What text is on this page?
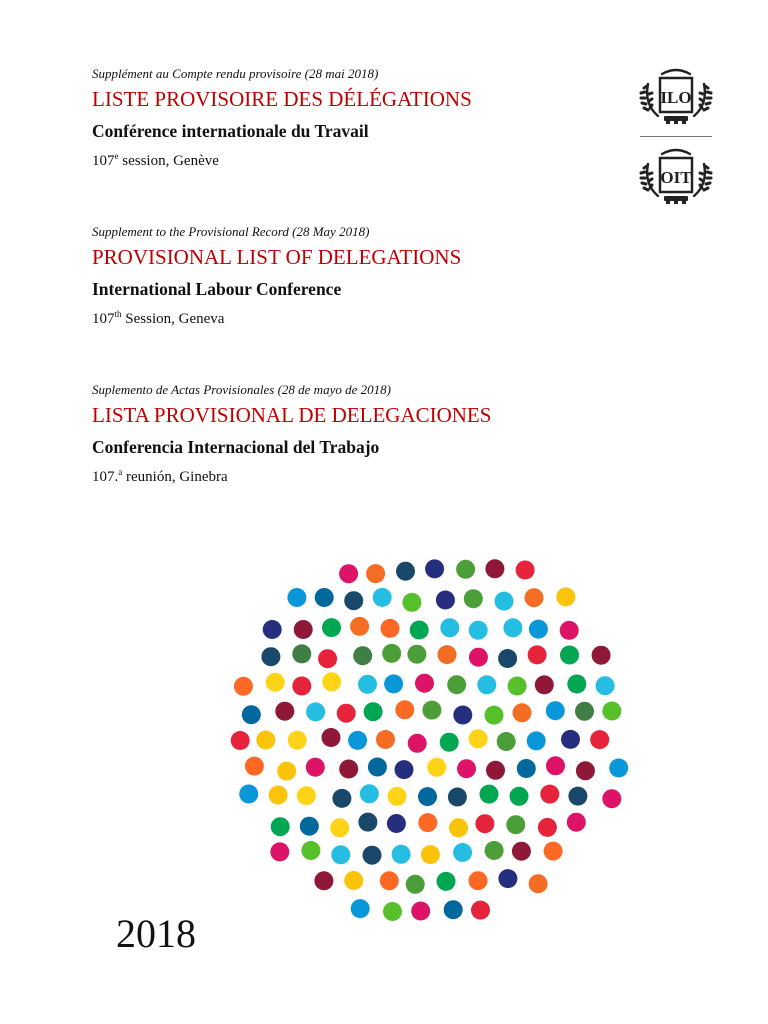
Supplément au Compte rendu provisoire (28 mai 2018)

LISTE PROVISOIRE DES DÉLÉGATIONS

Conférence internationale du Travail

107e session, Genève

Supplement to the Provisional Record (28 May 2018)

PROVISIONAL LIST OF DELEGATIONS

International Labour Conference

107th Session, Geneva

Suplemento de Actas Provisionales (28 de mayo de 2018)

LISTA PROVISIONAL DE DELEGACIONES

Conferencia Internacional del Trabajo

107.$^a$ reunión, Ginebra

ILO
OIT

2018
